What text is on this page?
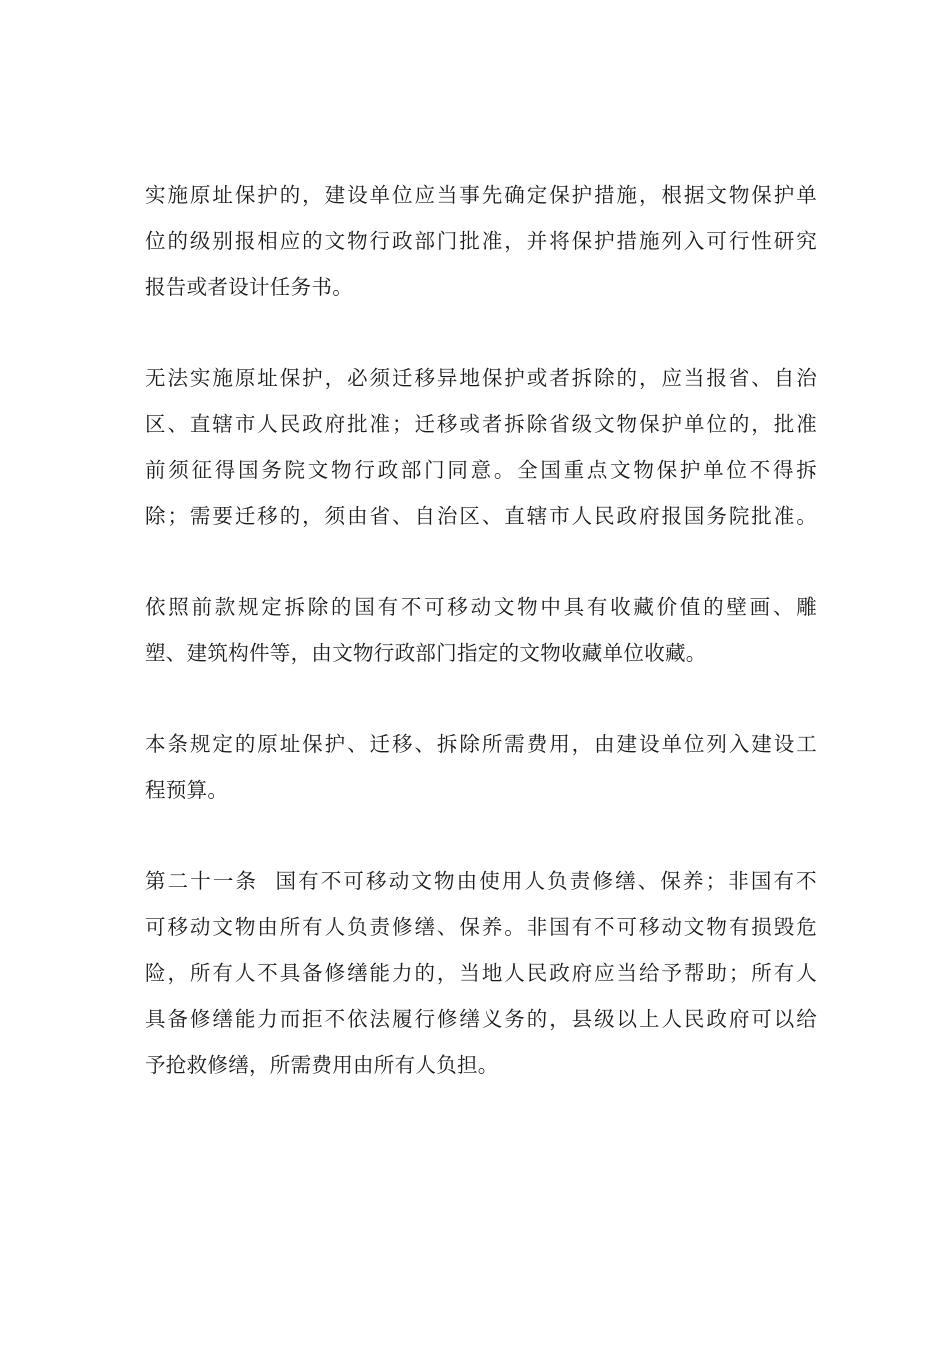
实施原址保护的，建设单位应当事先确定保护措施，根据文物保护单
位的级别报相应的文物行政部门批准，并将保护措施列入可行性研究
报告或者设计任务书。

无法实施原址保护，必须迁移异地保护或者拆除的，应当报省、自治
区、直辖市人民政府批准；迁移或者拆除省级文物保护单位的，批准
前须征得国务院文物行政部门同意。全国重点文物保护单位不得拆
除；需要迁移的，须由省、自治区、直辖市人民政府报国务院批准。

依照前款规定拆除的国有不可移动文物中具有收藏价值的壁画、雕
塑、建筑构件等，由文物行政部门指定的文物收藏单位收藏。

本条规定的原址保护、迁移、拆除所需费用，由建设单位列入建设工
程预算。

第二十一条  国有不可移动文物由使用人负责修缮、保养；非国有不
可移动文物由所有人负责修缮、保养。非国有不可移动文物有损毁危
险，所有人不具备修缮能力的，当地人民政府应当给予帮助；所有人
具备修缮能力而拒不依法履行修缮义务的，县级以上人民政府可以给
予抢救修缮，所需费用由所有人负担。
